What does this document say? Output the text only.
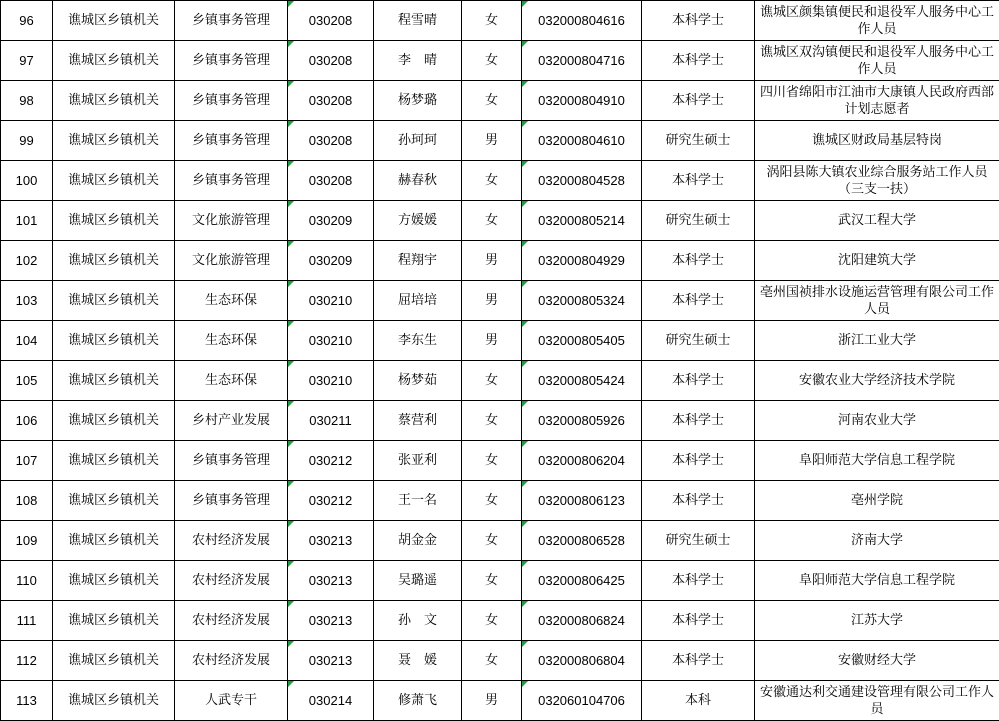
96	谯城区乡镇机关	乡镇事务管理	030208	程雪晴	女	032000804616	本科学士	谯城区颜集镇便民和退役军人服务中心工作人员
97	谯城区乡镇机关	乡镇事务管理	030208	李　晴	女	032000804716	本科学士	谯城区双沟镇便民和退役军人服务中心工作人员
98	谯城区乡镇机关	乡镇事务管理	030208	杨梦璐	女	032000804910	本科学士	四川省绵阳市江油市大康镇人民政府西部计划志愿者
99	谯城区乡镇机关	乡镇事务管理	030208	孙珂珂	男	032000804610	研究生硕士	谯城区财政局基层特岗
100	谯城区乡镇机关	乡镇事务管理	030208	赫春秋	女	032000804528	本科学士	涡阳县陈大镇农业综合服务站工作人员（三支一扶）
101	谯城区乡镇机关	文化旅游管理	030209	方媛媛	女	032000805214	研究生硕士	武汉工程大学
102	谯城区乡镇机关	文化旅游管理	030209	程翔宇	男	032000804929	本科学士	沈阳建筑大学
103	谯城区乡镇机关	生态环保	030210	屈培培	男	032000805324	本科学士	亳州国祯排水设施运营管理有限公司工作人员
104	谯城区乡镇机关	生态环保	030210	李东生	男	032000805405	研究生硕士	浙江工业大学
105	谯城区乡镇机关	生态环保	030210	杨梦茹	女	032000805424	本科学士	安徽农业大学经济技术学院
106	谯城区乡镇机关	乡村产业发展	030211	蔡营利	女	032000805926	本科学士	河南农业大学
107	谯城区乡镇机关	乡镇事务管理	030212	张亚利	女	032000806204	本科学士	阜阳师范大学信息工程学院
108	谯城区乡镇机关	乡镇事务管理	030212	王一名	女	032000806123	本科学士	亳州学院
109	谯城区乡镇机关	农村经济发展	030213	胡金金	女	032000806528	研究生硕士	济南大学
110	谯城区乡镇机关	农村经济发展	030213	吴璐遥	女	032000806425	本科学士	阜阳师范大学信息工程学院
111	谯城区乡镇机关	农村经济发展	030213	孙　文	女	032000806824	本科学士	江苏大学
112	谯城区乡镇机关	农村经济发展	030213	聂　媛	女	032000806804	本科学士	安徽财经大学
113	谯城区乡镇机关	人武专干	030214	修萧飞	男	032060104706	本科	安徽通达利交通建设管理有限公司工作人员
